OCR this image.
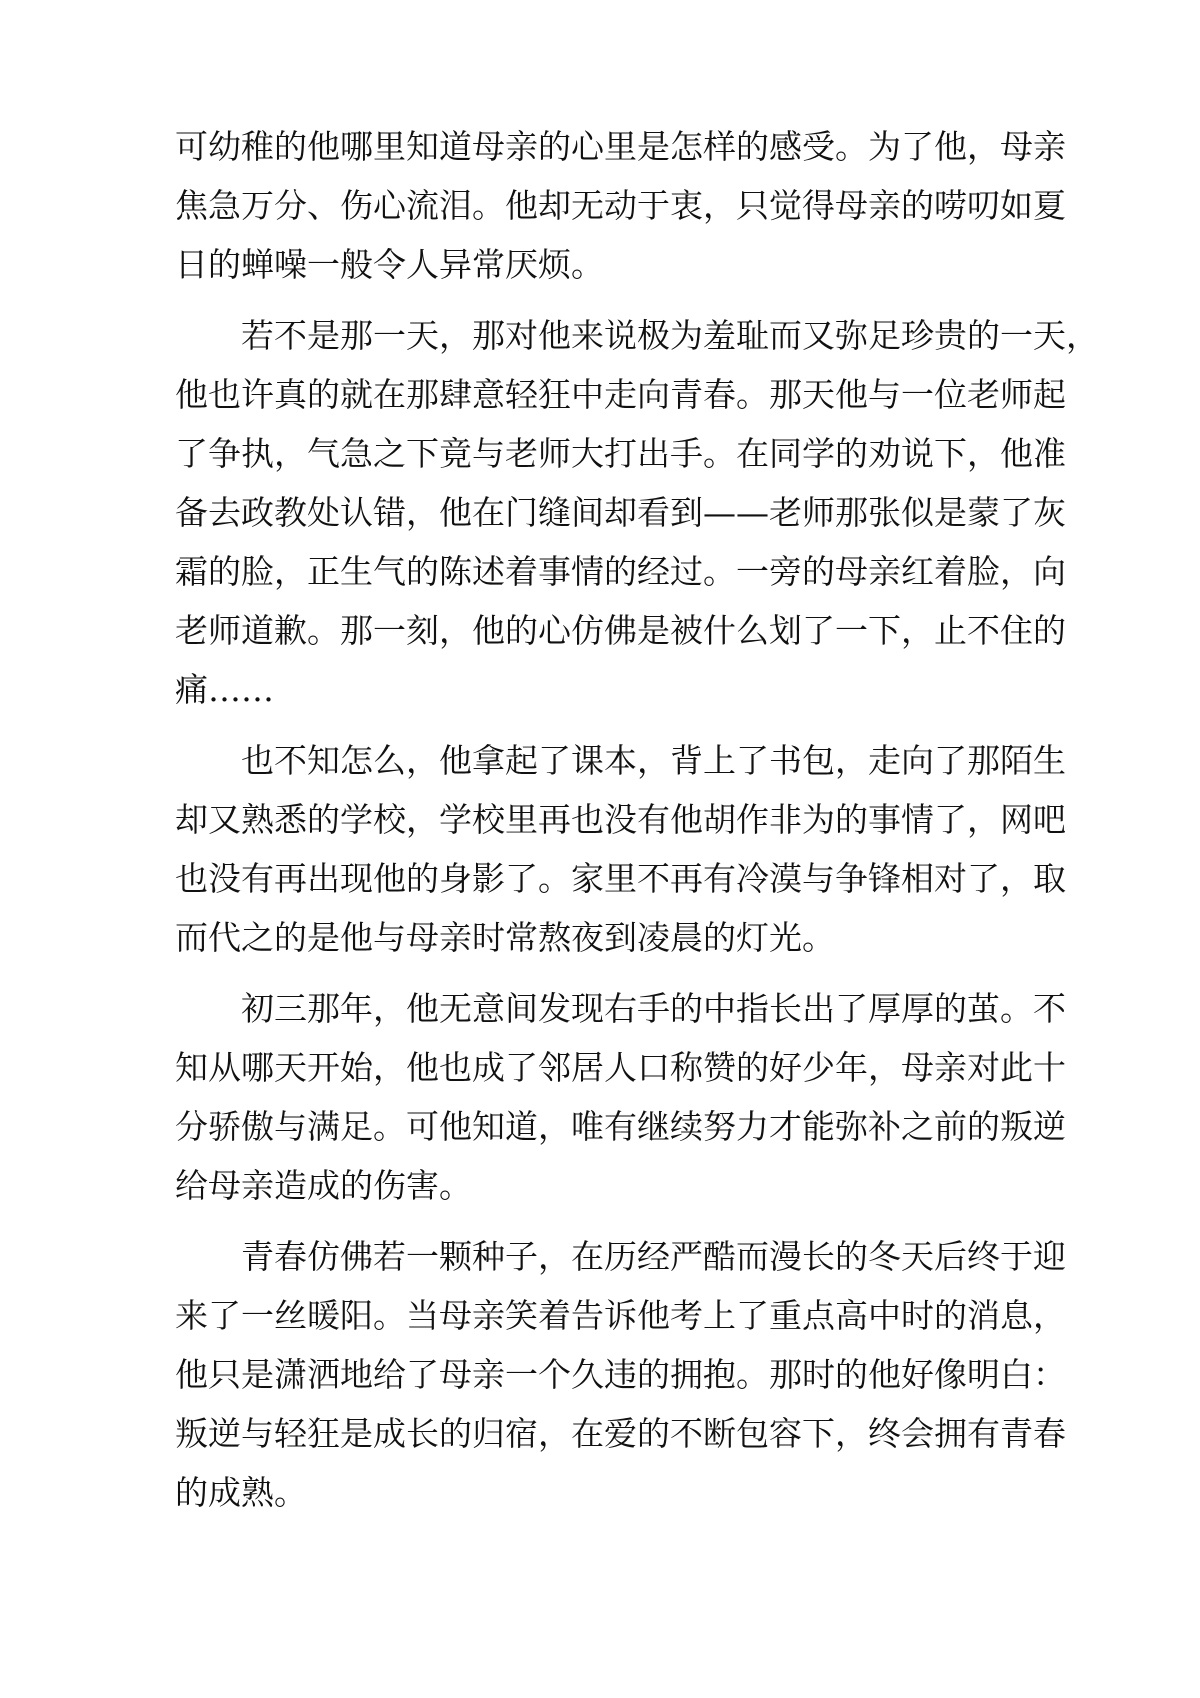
可幼稚的他哪里知道母亲的心里是怎样的感受。为了他，母亲
焦急万分、伤心流泪。他却无动于衷，只觉得母亲的唠叨如夏
日的蝉噪一般令人异常厌烦。
若不是那一天，那对他来说极为羞耻而又弥足珍贵的一天，
他也许真的就在那肆意轻狂中走向青春。那天他与一位老师起
了争执，气急之下竟与老师大打出手。在同学的劝说下，他准
备去政教处认错，他在门缝间却看到——老师那张似是蒙了灰
霜的脸，正生气的陈述着事情的经过。一旁的母亲红着脸，向
老师道歉。那一刻，他的心仿佛是被什么划了一下，止不住的
痛……
也不知怎么，他拿起了课本，背上了书包，走向了那陌生
却又熟悉的学校，学校里再也没有他胡作非为的事情了，网吧
也没有再出现他的身影了。家里不再有冷漠与争锋相对了，取
而代之的是他与母亲时常熬夜到凌晨的灯光。
初三那年，他无意间发现右手的中指长出了厚厚的茧。不
知从哪天开始，他也成了邻居人口称赞的好少年，母亲对此十
分骄傲与满足。可他知道，唯有继续努力才能弥补之前的叛逆
给母亲造成的伤害。
青春仿佛若一颗种子，在历经严酷而漫长的冬天后终于迎
来了一丝暖阳。当母亲笑着告诉他考上了重点高中时的消息，
他只是潇洒地给了母亲一个久违的拥抱。那时的他好像明白：
叛逆与轻狂是成长的归宿，在爱的不断包容下，终会拥有青春
的成熟。
